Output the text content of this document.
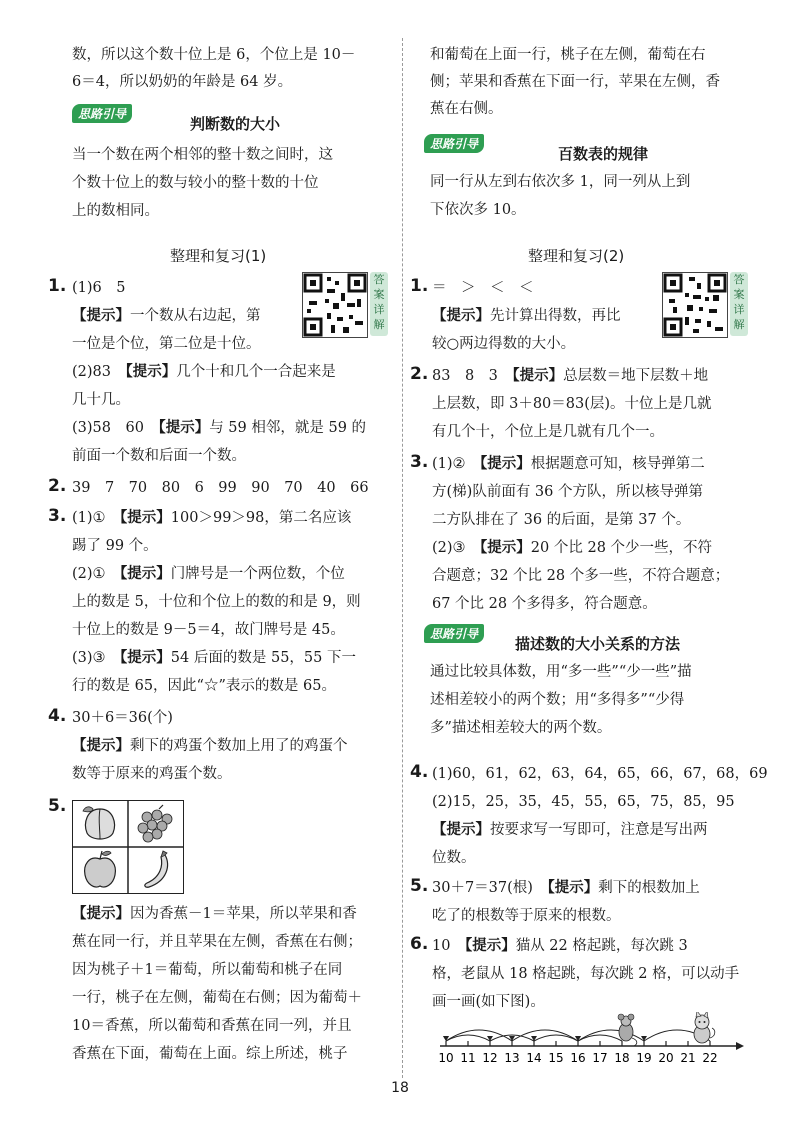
数，所以这个数十位上是 6，个位上是 10－

6＝4，所以奶奶的年龄是 64 岁。

思路引导
判断数的大小

当一个数在两个相邻的整十数之间时，这

个数十位上的数与较小的整十数的十位

上的数相同。

整理和复习(1)
答案详解
1. (1)6　5

【提示】一个数从右边起，第

一位是个位，第二位是十位。

(2)83　【提示】几个十和几个一合起来是

几十几。

(3)58　60　【提示】与 59 相邻，就是 59 的

前面一个数和后面一个数。

2. 39　7　70　80　6　99　90　70　40　66

3. (1)①　【提示】100＞99＞98，第二名应该

踢了 99 个。

(2)①　【提示】门牌号是一个两位数，个位

上的数是 5，十位和个位上的数的和是 9，则

十位上的数是 9－5＝4，故门牌号是 45。

(3)③　【提示】54 后面的数是 55，55 下一

行的数是 65，因此“☆”表示的数是 65。

4. 30＋6＝36(个)

【提示】剩下的鸡蛋个数加上用了的鸡蛋个

数等于原来的鸡蛋个数。

5.

【提示】因为香蕉－1＝苹果，所以苹果和香

蕉在同一行，并且苹果在左侧，香蕉在右侧；

因为桃子＋1＝葡萄，所以葡萄和桃子在同

一行，桃子在左侧，葡萄在右侧；因为葡萄＋

10＝香蕉，所以葡萄和香蕉在同一列，并且

香蕉在下面，葡萄在上面。综上所述，桃子

和葡萄在上面一行，桃子在左侧，葡萄在右

侧；苹果和香蕉在下面一行，苹果在左侧，香

蕉在右侧。

思路引导
百数表的规律

同一行从左到右依次多 1，同一列从上到

下依次多 10。

整理和复习(2)
答案详解
1. ＝　＞　＜　＜

【提示】先计算出得数，再比

较○两边得数的大小。

2. 83　8　3　【提示】总层数＝地下层数＋地

上层数，即 3＋80＝83(层)。十位上是几就

有几个十，个位上是几就有几个一。

3. (1)②　【提示】根据题意可知，核导弹第二

方(梯)队前面有 36 个方队，所以核导弹第

二方队排在了 36 的后面，是第 37 个。

(2)③　【提示】20 个比 28 个少一些，不符

合题意；32 个比 28 个多一些，不符合题意；

67 个比 28 个多得多，符合题意。

思路引导
描述数的大小关系的方法

通过比较具体数，用“多一些”“少一些”描

述相差较小的两个数；用“多得多”“少得

多”描述相差较大的两个数。

4. (1)60，61，62，63，64，65，66，67，68，69

(2)15，25，35，45，55，65，75，85，95

【提示】按要求写一写即可，注意是写出两

位数。

5. 30＋7＝37(根)　【提示】剩下的根数加上

吃了的根数等于原来的根数。

6. 10　【提示】猫从 22 格起跳，每次跳 3

格，老鼠从 18 格起跳，每次跳 2 格，可以动手

画一画(如下图)。

10 11 12 13 14 15 16 17 18 19 20 21 22
18
